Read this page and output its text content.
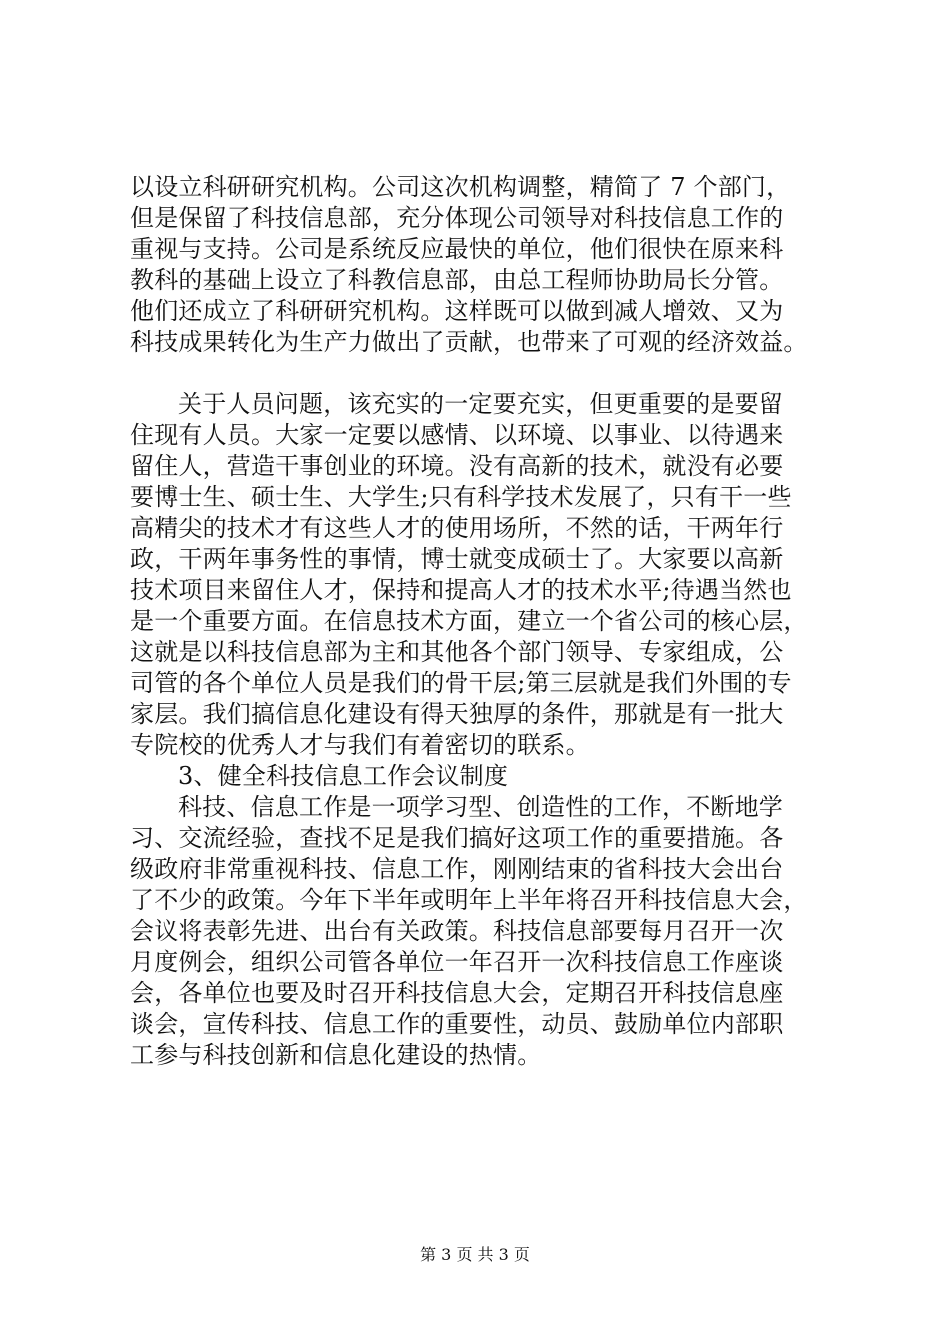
以设立科研研究机构。公司这次机构调整，精简了 7 个部门，
但是保留了科技信息部，充分体现公司领导对科技信息工作的
重视与支持。公司是系统反应最快的单位，他们很快在原来科
教科的基础上设立了科教信息部，由总工程师协助局长分管。
他们还成立了科研研究机构。这样既可以做到减人增效、又为
科技成果转化为生产力做出了贡献，也带来了可观的经济效益。
关于人员问题，该充实的一定要充实，但更重要的是要留
住现有人员。大家一定要以感情、以环境、以事业、以待遇来
留住人，营造干事创业的环境。没有高新的技术，就没有必要
要博士生、硕士生、大学生;只有科学技术发展了，只有干一些
高精尖的技术才有这些人才的使用场所，不然的话，干两年行
政，干两年事务性的事情，博士就变成硕士了。大家要以高新
技术项目来留住人才，保持和提高人才的技术水平;待遇当然也
是一个重要方面。在信息技术方面，建立一个省公司的核心层，
这就是以科技信息部为主和其他各个部门领导、专家组成，公
司管的各个单位人员是我们的骨干层;第三层就是我们外围的专
家层。我们搞信息化建设有得天独厚的条件，那就是有一批大
专院校的优秀人才与我们有着密切的联系。
3、健全科技信息工作会议制度
科技、信息工作是一项学习型、创造性的工作，不断地学
习、交流经验，查找不足是我们搞好这项工作的重要措施。各
级政府非常重视科技、信息工作，刚刚结束的省科技大会出台
了不少的政策。今年下半年或明年上半年将召开科技信息大会，
会议将表彰先进、出台有关政策。科技信息部要每月召开一次
月度例会，组织公司管各单位一年召开一次科技信息工作座谈
会，各单位也要及时召开科技信息大会，定期召开科技信息座
谈会，宣传科技、信息工作的重要性，动员、鼓励单位内部职
工参与科技创新和信息化建设的热情。
第 3 页 共 3 页
